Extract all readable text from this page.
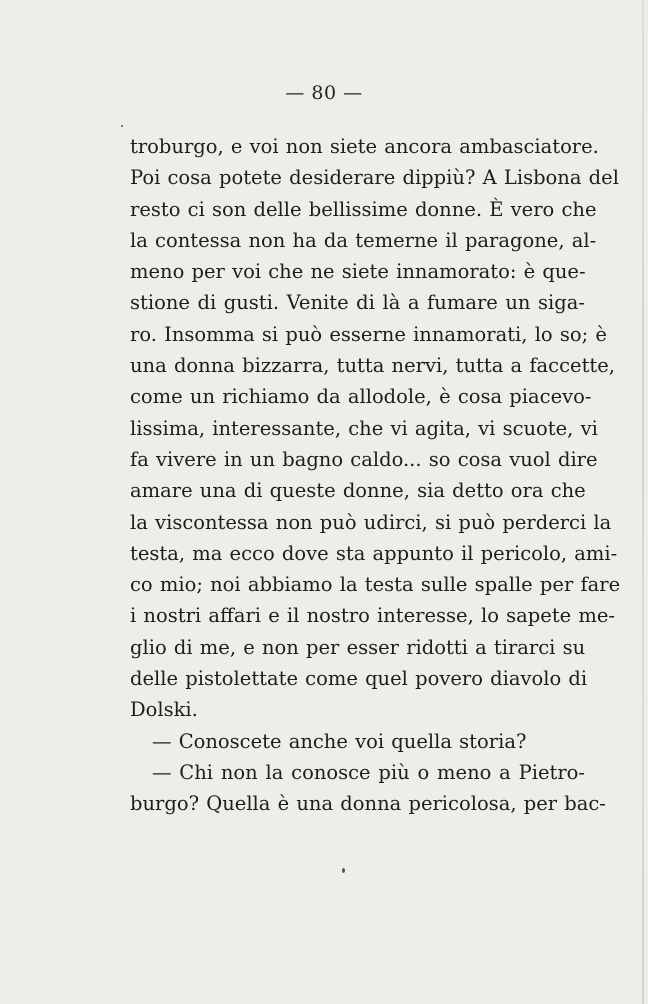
— 80 —
troburgo, e voi non siete ancora ambasciatore.
Poi cosa potete desiderare dippiù? A Lisbona del
resto ci son delle bellissime donne. È vero che
la contessa non ha da temerne il paragone, al-
meno per voi che ne siete innamorato: è que-
stione di gusti. Venite di là a fumare un siga-
ro. Insomma si può esserne innamorati, lo so; è
una donna bizzarra, tutta nervi, tutta a faccette,
come un richiamo da allodole, è cosa piacevo-
lissima, interessante, che vi agita, vi scuote, vi
fa vivere in un bagno caldo... so cosa vuol dire
amare una di queste donne, sia detto ora che
la viscontessa non può udirci, si può perderci la
testa, ma ecco dove sta appunto il pericolo, ami-
co mio; noi abbiamo la testa sulle spalle per fare
i nostri affari e il nostro interesse, lo sapete me-
glio di me, e non per esser ridotti a tirarci su
delle pistolettate come quel povero diavolo di
Dolski.
— Conoscete anche voi quella storia?
— Chi non la conosce più o meno a Pietro-
burgo? Quella è una donna pericolosa, per bac-
